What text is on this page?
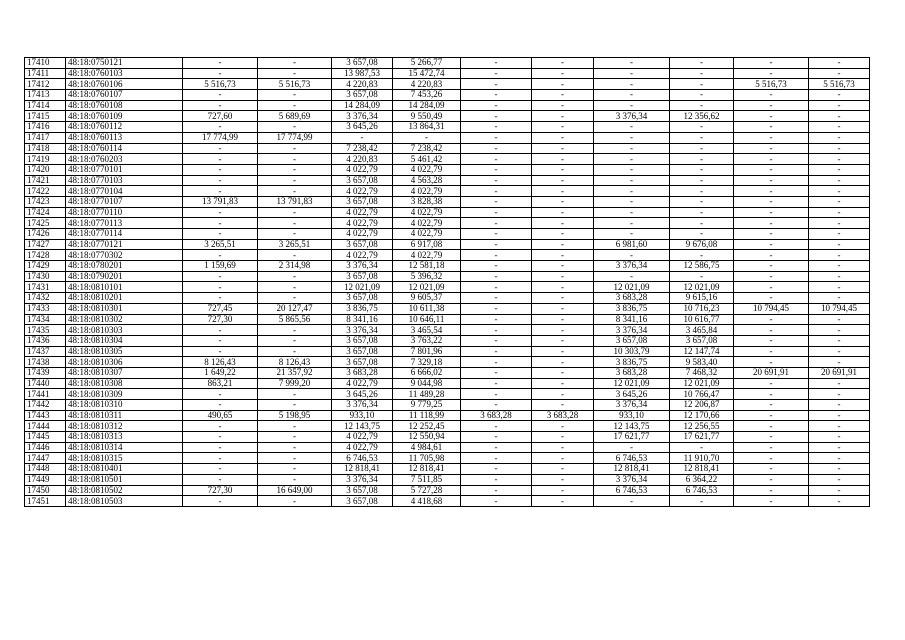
17410	48:18:0750121	-	-	3 657,08	5 266,77	-	-	-	-	-	-
17411	48:18:0760103	-	-	13 987,53	15 472,74	-	-	-	-	-	-
17412	48:18:0760106	5 516,73	5 516,73	4 220,83	4 220,83	-	-	-	-	5 516,73	5 516,73
17413	48:18:0760107	-	-	3 657,08	7 453,26	-	-	-	-	-	-
17414	48:18:0760108	-	-	14 284,09	14 284,09	-	-	-	-	-	-
17415	48:18:0760109	727,60	5 689,69	3 376,34	9 550,49	-	-	3 376,34	12 356,62	-	-
17416	48:18:0760112	-	-	3 645,26	13 864,31	-	-	-	-	-	-
17417	48:18:0760113	17 774,99	17 774,99	-	-	-	-	-	-	-	-
17418	48:18:0760114	-	-	7 238,42	7 238,42	-	-	-	-	-	-
17419	48:18:0760203	-	-	4 220,83	5 461,42	-	-	-	-	-	-
17420	48:18:0770101	-	-	4 022,79	4 022,79	-	-	-	-	-	-
17421	48:18:0770103	-	-	3 657,08	4 563,28	-	-	-	-	-	-
17422	48:18:0770104	-	-	4 022,79	4 022,79	-	-	-	-	-	-
17423	48:18:0770107	13 791,83	13 791,83	3 657,08	3 828,38	-	-	-	-	-	-
17424	48:18:0770110	-	-	4 022,79	4 022,79	-	-	-	-	-	-
17425	48:18:0770113	-	-	4 022,79	4 022,79	-	-	-	-	-	-
17426	48:18:0770114	-	-	4 022,79	4 022,79	-	-	-	-	-	-
17427	48:18:0770121	3 265,51	3 265,51	3 657,08	6 917,08	-	-	6 981,60	9 676,08	-	-
17428	48:18:0770302	-	-	4 022,79	4 022,79	-	-	-	-	-	-
17429	48:18:0780201	1 159,69	2 314,98	3 376,34	12 581,18	-	-	3 376,34	12 586,75	-	-
17430	48:18:0790201	-	-	3 657,08	5 396,32	-	-	-	-	-	-
17431	48:18:0810101	-	-	12 021,09	12 021,09	-	-	12 021,09	12 021,09	-	-
17432	48:18:0810201	-	-	3 657,08	9 605,37	-	-	3 683,28	9 615,16	-	-
17433	48:18:0810301	727,45	20 127,47	3 836,75	10 611,38	-	-	3 836,75	10 716,23	10 794,45	10 794,45
17434	48:18:0810302	727,30	5 865,56	8 341,16	10 646,11	-	-	8 341,16	10 616,77	-	-
17435	48:18:0810303	-	-	3 376,34	3 465,54	-	-	3 376,34	3 465,84	-	-
17436	48:18:0810304	-	-	3 657,08	3 763,22	-	-	3 657,08	3 657,08	-	-
17437	48:18:0810305	-	-	3 657,08	7 801,96	-	-	10 303,79	12 147,74	-	-
17438	48:18:0810306	8 126,43	8 126,43	3 657,08	7 329,18	-	-	3 836,75	9 583,40	-	-
17439	48:18:0810307	1 649,22	21 357,92	3 683,28	6 666,02	-	-	3 683,28	7 468,32	20 691,91	20 691,91
17440	48:18:0810308	863,21	7 999,20	4 022,79	9 044,98	-	-	12 021,09	12 021,09	-	-
17441	48:18:0810309	-	-	3 645,26	11 489,28	-	-	3 645,26	10 766,47	-	-
17442	48:18:0810310	-	-	3 376,34	9 779,25	-	-	3 376,34	12 206,87	-	-
17443	48:18:0810311	490,65	5 198,95	933,10	11 118,99	3 683,28	3 683,28	933,10	12 170,66	-	-
17444	48:18:0810312	-	-	12 143,75	12 252,45	-	-	12 143,75	12 256,55	-	-
17445	48:18:0810313	-	-	4 022,79	12 550,94	-	-	17 621,77	17 621,77	-	-
17446	48:18:0810314	-	-	4 022,79	4 984,61	-	-	-	-	-	-
17447	48:18:0810315	-	-	6 746,53	11 705,98	-	-	6 746,53	11 910,70	-	-
17448	48:18:0810401	-	-	12 818,41	12 818,41	-	-	12 818,41	12 818,41	-	-
17449	48:18:0810501	-	-	3 376,34	7 511,85	-	-	3 376,34	6 364,22	-	-
17450	48:18:0810502	727,30	16 649,00	3 657,08	5 727,28	-	-	6 746,53	6 746,53	-	-
17451	48:18:0810503	-	-	3 657,08	4 418,68	-	-	-	-	-	-
